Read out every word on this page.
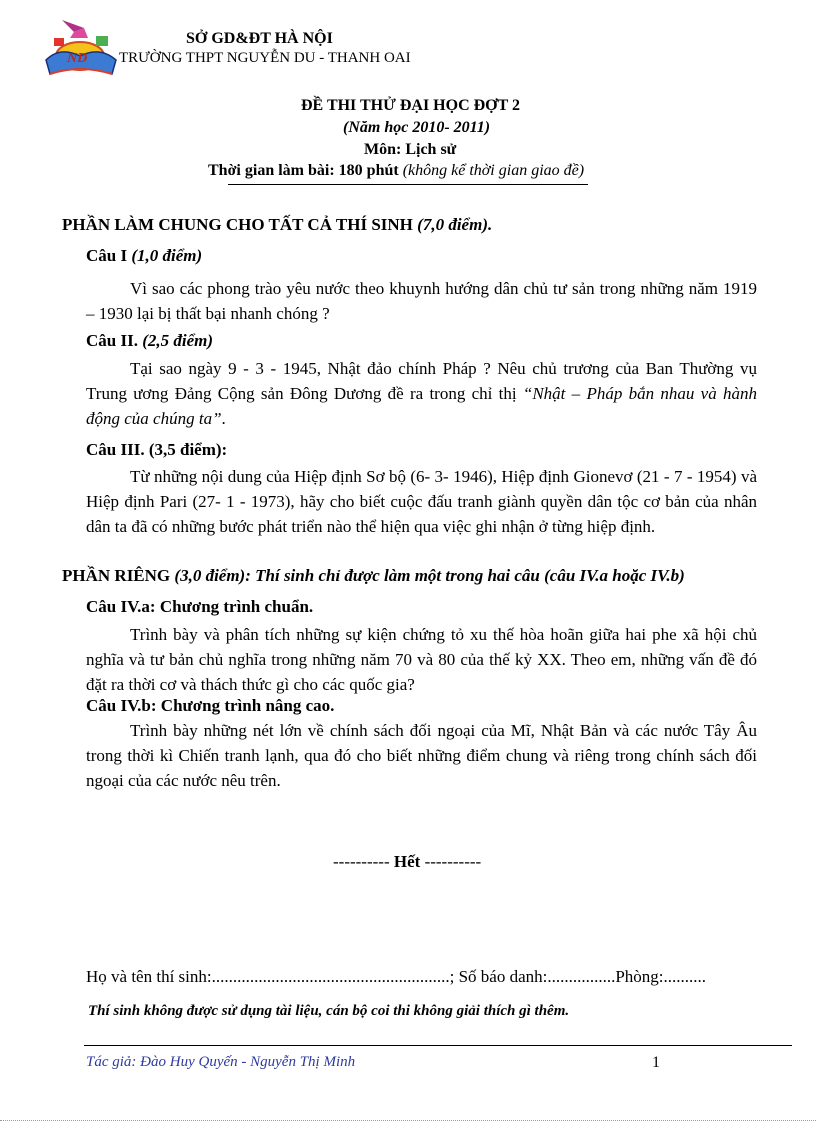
ND
SỞ GD&ĐT HÀ NỘI
TRƯỜNG THPT NGUYỄN DU - THANH OAI
ĐỀ THI THỬ ĐẠI HỌC ĐỢT 2
(Năm học 2010- 2011)
Môn: Lịch sử
Thời gian làm bài: 180 phút (không kể thời gian giao đề)
PHẦN LÀM CHUNG CHO TẤT CẢ THÍ SINH (7,0 điểm).
Câu I (1,0 điểm)
Vì sao các phong trào yêu nước theo khuynh hướng dân chủ tư sản trong những năm 1919 – 1930 lại bị thất bại nhanh chóng ?
Câu II. (2,5 điểm)
Tại sao ngày 9 - 3 - 1945, Nhật đảo chính Pháp ? Nêu chủ trương của Ban Thường vụ Trung ương Đảng Cộng sản Đông Dương đề ra trong chỉ thị “Nhật – Pháp bắn nhau và hành động của chúng ta”.
Câu III. (3,5 điểm):
Từ những nội dung của Hiệp định Sơ bộ (6- 3- 1946), Hiệp định Gionevơ (21 - 7 - 1954) và Hiệp định Pari (27- 1 - 1973), hãy cho biết cuộc đấu tranh giành quyền dân tộc cơ bản của nhân dân ta đã có những bước phát triển nào thể hiện qua việc ghi nhận ở từng hiệp định.
PHẦN RIÊNG (3,0 điểm): Thí sinh chỉ được làm một trong hai câu (câu IV.a hoặc IV.b)
Câu IV.a: Chương trình chuẩn.
Trình bày và phân tích những sự kiện chứng tỏ xu thế hòa hoãn giữa hai phe xã hội chủ nghĩa và tư bản chủ nghĩa trong những năm 70 và 80 của thế kỷ XX. Theo em, những vấn đề đó đặt ra thời cơ và thách thức gì cho các quốc gia?
Câu IV.b: Chương trình nâng cao.
Trình bày những nét lớn về chính sách đối ngoại của Mĩ, Nhật Bản và các nước Tây Âu trong thời kì Chiến tranh lạnh, qua đó cho biết những điểm chung và riêng trong chính sách đối ngoại của các nước nêu trên.
---------- Hết ----------
Họ và tên thí sinh:........................................................; Số báo danh:................Phòng:..........
Thí sinh không được sử dụng tài liệu, cán bộ coi thi không giải thích gì thêm.
Tác giả: Đào Huy Quyến - Nguyễn Thị Minh	1
